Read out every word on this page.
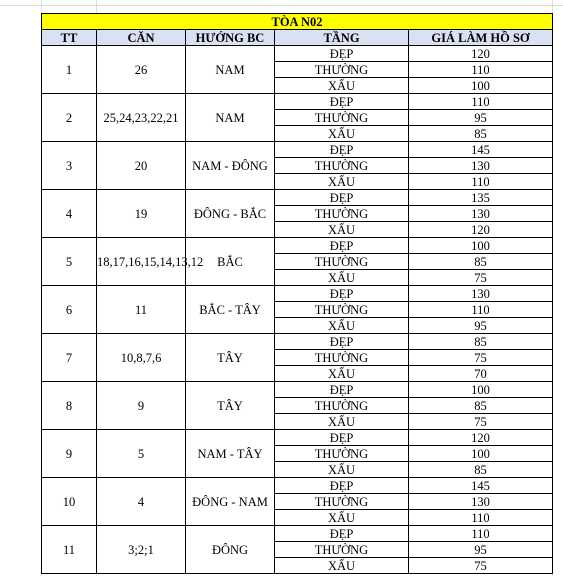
TÒA N02				
TT	CĂN	HƯỚNG BC	TẦNG	GIÁ LÀM HỒ SƠ
1	26	NAM	ĐẸP	120
			THƯỜNG	110
			XẤU	100
2	25,24,23,22,21	NAM	ĐẸP	110
			THƯỜNG	95
			XẤU	85
3	20	NAM - ĐÔNG	ĐẸP	145
			THƯỜNG	130
			XẤU	110
4	19	ĐÔNG - BẮC	ĐẸP	135
			THƯỜNG	130
			XẤU	120
5	18,17,16,15,14,13,12	BẮC	ĐẸP	100
			THƯỜNG	85
			XẤU	75
6	11	BẮC - TÂY	ĐẸP	130
			THƯỜNG	110
			XẤU	95
7	10,8,7,6	TÂY	ĐẸP	85
			THƯỜNG	75
			XẤU	70
8	9	TÂY	ĐẸP	100
			THƯỜNG	85
			XẤU	75
9	5	NAM - TÂY	ĐẸP	120
			THƯỜNG	100
			XẤU	85
10	4	ĐÔNG - NAM	ĐẸP	145
			THƯỜNG	130
			XẤU	110
11	3;2;1	ĐÔNG	ĐẸP	110
			THƯỜNG	95
			XẤU	75
